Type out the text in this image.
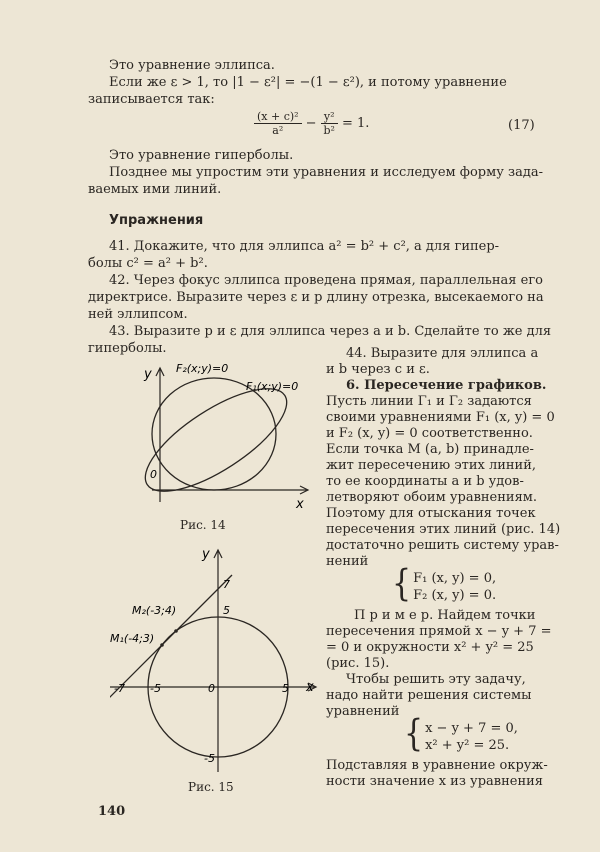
Это уравнение эллипса.

Если же ε > 1, то |1 − ε²| = −(1 − ε²), и потому уравнение

записывается так:

$\frac{\text{(x + c)²}}{\text{a²}} - \frac{\text{y²}}{\text{b²}} = 1$.	(17)

Это уравнение гиперболы.

Позднее мы упростим эти уравнения и исследуем форму зада-

ваемых ими линий.

Упражнения

41. Докажите, что для эллипса a² = b² + c², а для гипер-

болы c² = a² + b².

42. Через фокус эллипса проведена прямая, параллельная его

директрисе. Выразите через ε и p длину отрезка, высекаемого на

ней эллипсом.

43. Выразите p и ε для эллипса через a и b. Сделайте то же для

гиперболы.	44. Выразите для эллипса a

и b через c и ε.

6. Пересечение графиков.

Пусть линии Γ₁ и Γ₂ задаются

своими уравнениями F₁ (x, y) = 0

и F₂ (x, y) = 0 соответственно.

Если точка M (a, b) принадле-

жит пересечению этих линий,

то ее координаты a и b удов-

летворяют обоим уравнениям.

Поэтому для отыскания точек

пересечения этих линий (рис. 14)

достаточно решить систему урав-

нений

{ F₁ (x, y) = 0,
F₂ (x, y) = 0.

П р и м е р. Найдем точки

пересечения прямой x − y + 7 =

= 0 и окружности x² + y² = 25

(рис. 15).

Чтобы решить эту задачу,

надо найти решения системы

уравнений

{ x − y + 7 = 0,
x² + y² = 25.

Подставляя в уравнение окруж-

ности значение x из уравнения

F₂(x;y)=0
F₁(x;y)=0
y
x
0
Рис. 14
y
x
7
5
M₂(-3;4)
M₁(-4;3)
-7 -5	0	5
-5
Рис. 15
140
